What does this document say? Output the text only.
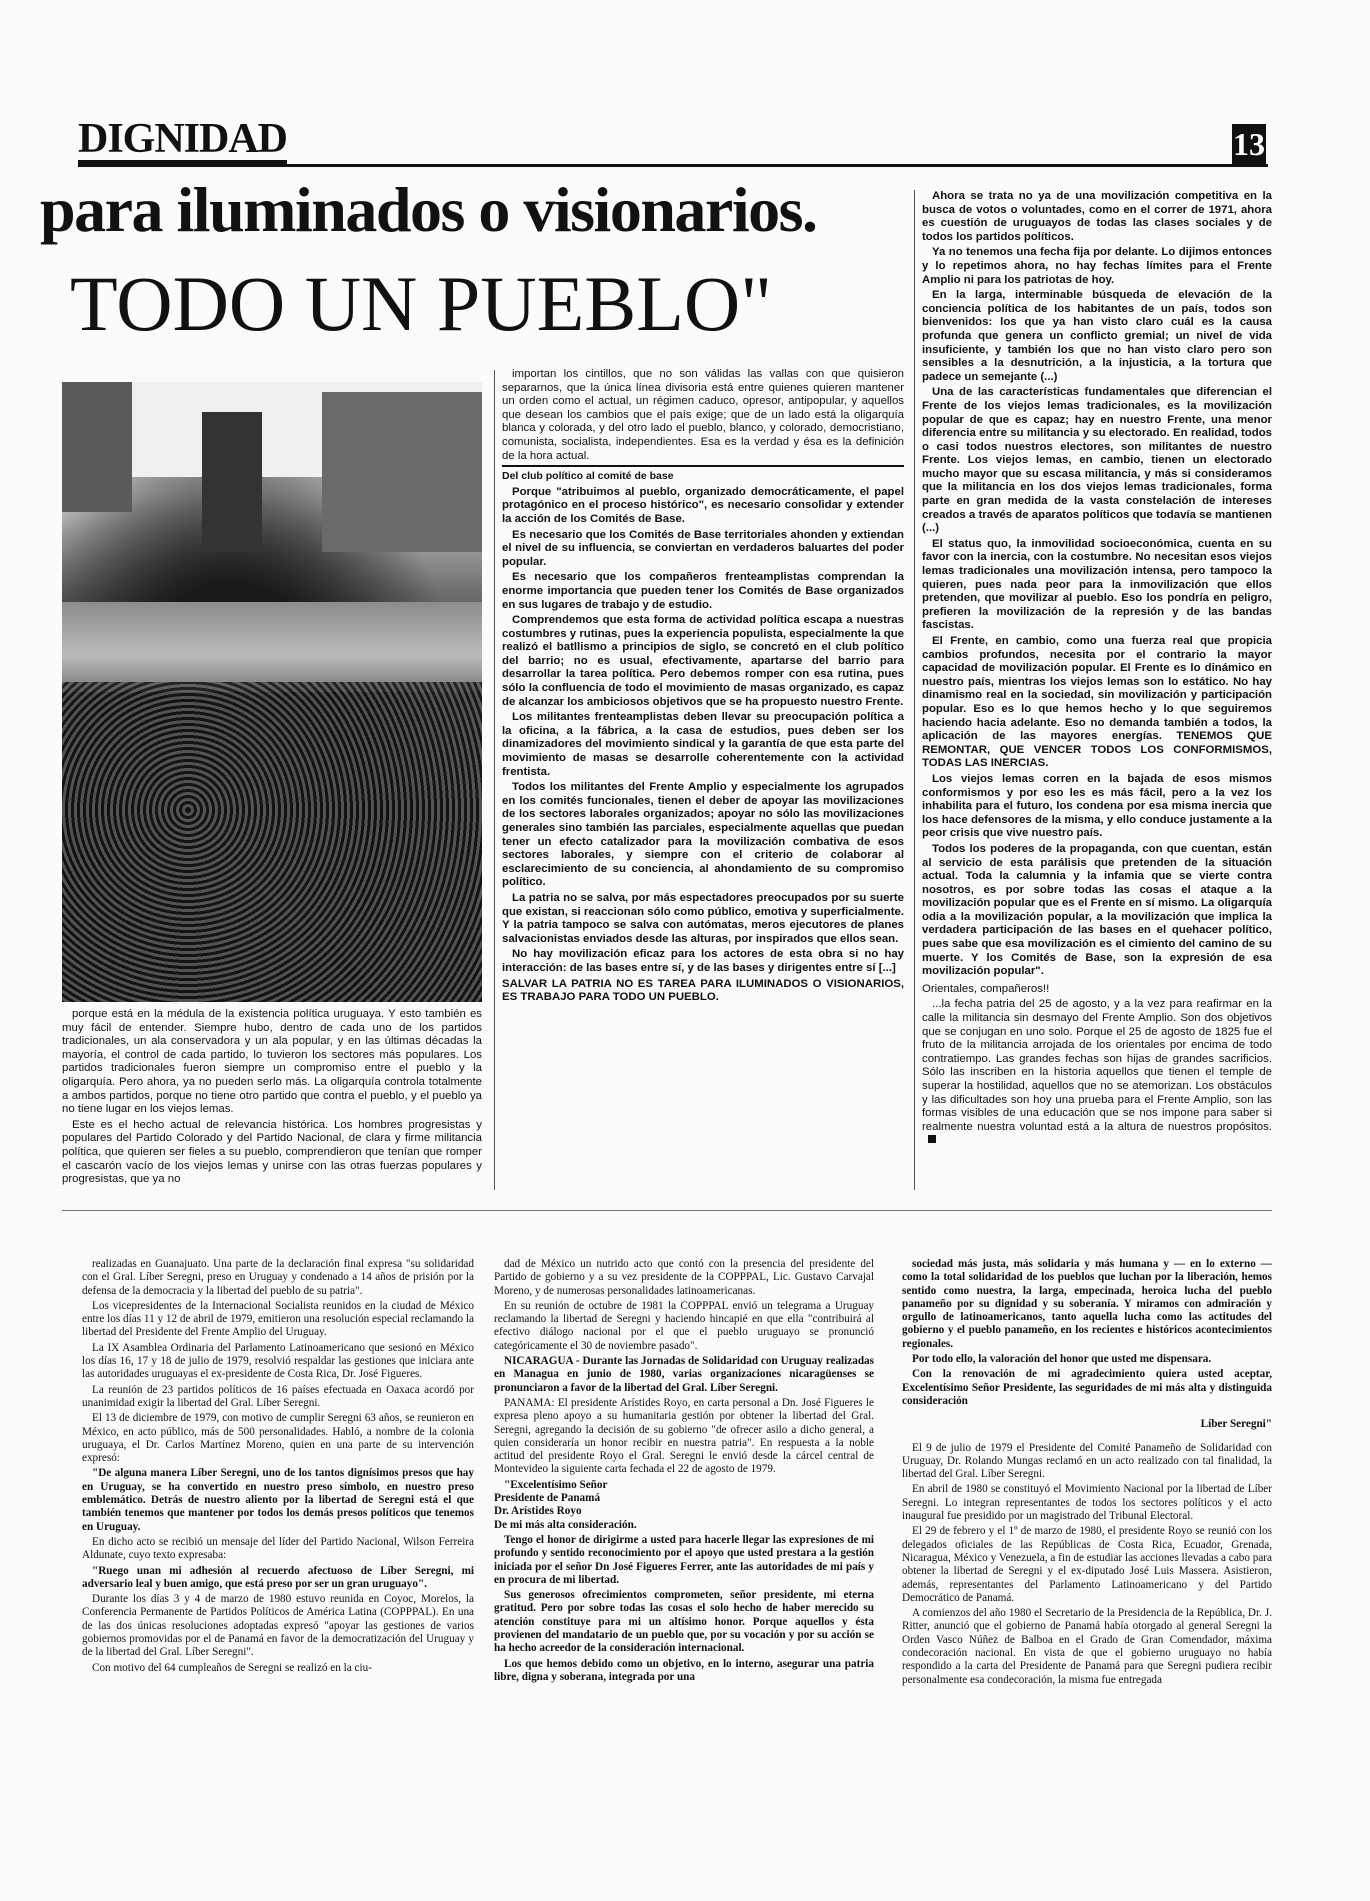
DIGNIDAD	13
para iluminados o visionarios.
TODO UN PUEBLO"

porque está en la médula de la existencia política uruguaya. Y esto también es muy fácil de entender. Siempre hubo, dentro de cada uno de los partidos tradicionales, un ala conservadora y un ala popular, y en las últimas décadas la mayoría, el control de cada partido, lo tuvieron los sectores más populares. Los partidos tradicionales fueron siempre un compromiso entre el pueblo y la oligarquía. Pero ahora, ya no pueden serlo más. La oligarquía controla totalmente a ambos partidos, porque no tiene otro partido que contra el pueblo, y el pueblo ya no tiene lugar en los viejos lemas.

Este es el hecho actual de relevancia histórica. Los hombres progresistas y populares del Partido Colorado y del Partido Nacional, de clara y firme militancia política, que quieren ser fieles a su pueblo, comprendieron que tenían que romper el cascarón vacío de los viejos lemas y unirse con las otras fuerzas populares y progresistas, que ya no

importan los cintillos, que no son válidas las vallas con que quisieron separarnos, que la única línea divisoria está entre quienes quieren mantener un orden como el actual, un régimen caduco, opresor, antipopular, y aquellos que desean los cambios que el país exige; que de un lado está la oligarquía blanca y colorada, y del otro lado el pueblo, blanco, y colorado, democristiano, comunista, socialista, independientes. Esa es la verdad y ésa es la definición de la hora actual.

Del club político al comité de base

Porque "atribuimos al pueblo, organizado democráticamente, el papel protagónico en el proceso histórico", es necesario consolidar y extender la acción de los Comités de Base.

Es necesario que los Comités de Base territoriales ahonden y extiendan el nivel de su influencia, se conviertan en verdaderos baluartes del poder popular.

Es necesario que los compañeros frenteamplistas comprendan la enorme importancia que pueden tener los Comités de Base organizados en sus lugares de trabajo y de estudio.

Comprendemos que esta forma de actividad política escapa a nuestras costumbres y rutinas, pues la experiencia populista, especialmente la que realizó el batllismo a principios de siglo, se concretó en el club político del barrio; no es usual, efectivamente, apartarse del barrio para desarrollar la tarea política. Pero debemos romper con esa rutina, pues sólo la confluencia de todo el movimiento de masas organizado, es capaz de alcanzar los ambiciosos objetivos que se ha propuesto nuestro Frente.

Los militantes frenteamplistas deben llevar su preocupación política a la oficina, a la fábrica, a la casa de estudios, pues deben ser los dinamizadores del movimiento sindical y la garantía de que esta parte del movimiento de masas se desarrolle coherentemente con la actividad frentista.

Todos los militantes del Frente Amplio y especialmente los agrupados en los comités funcionales, tienen el deber de apoyar las movilizaciones de los sectores laborales organizados; apoyar no sólo las movilizaciones generales sino también las parciales, especialmente aquellas que puedan tener un efecto catalizador para la movilización combativa de esos sectores laborales, y siempre con el criterio de colaborar al esclarecimiento de su conciencia, al ahondamiento de su compromiso político.

La patria no se salva, por más espectadores preocupados por su suerte que existan, si reaccionan sólo como público, emotiva y superficialmente. Y la patria tampoco se salva con autómatas, meros ejecutores de planes salvacionistas enviados desde las alturas, por inspirados que ellos sean.

No hay movilización eficaz para los actores de esta obra si no hay interacción: de las bases entre sí, y de las bases y dirigentes entre sí [...]

SALVAR LA PATRIA NO ES TAREA PARA ILUMINADOS O VISIONARIOS, ES TRABAJO PARA TODO UN PUEBLO.

Ahora se trata no ya de una movilización competitiva en la busca de votos o voluntades, como en el correr de 1971, ahora es cuestión de uruguayos de todas las clases sociales y de todos los partidos políticos.

Ya no tenemos una fecha fija por delante. Lo dijimos entonces y lo repetimos ahora, no hay fechas límites para el Frente Amplio ni para los patriotas de hoy.

En la larga, interminable búsqueda de elevación de la conciencia política de los habitantes de un país, todos son bienvenidos: los que ya han visto claro cuál es la causa profunda que genera un conflicto gremial; un nivel de vida insuficiente, y también los que no han visto claro pero son sensibles a la desnutrición, a la injusticia, a la tortura que padece un semejante (...)

Una de las características fundamentales que diferencian el Frente de los viejos lemas tradicionales, es la movilización popular de que es capaz; hay en nuestro Frente, una menor diferencia entre su militancia y su electorado. En realidad, todos o casi todos nuestros electores, son militantes de nuestro Frente. Los viejos lemas, en cambio, tienen un electorado mucho mayor que su escasa militancia, y más si consideramos que la militancia en los dos viejos lemas tradicionales, forma parte en gran medida de la vasta constelación de intereses creados a través de aparatos políticos que todavía se mantienen (...)

El status quo, la inmovilidad socioeconómica, cuenta en su favor con la inercia, con la costumbre. No necesitan esos viejos lemas tradicionales una movilización intensa, pero tampoco la quieren, pues nada peor para la inmovilización que ellos pretenden, que movilizar al pueblo. Eso los pondría en peligro, prefieren la movilización de la represión y de las bandas fascistas.

El Frente, en cambio, como una fuerza real que propicia cambios profundos, necesita por el contrario la mayor capacidad de movilización popular. El Frente es lo dinámico en nuestro país, mientras los viejos lemas son lo estático. No hay dinamismo real en la sociedad, sin movilización y participación popular. Eso es lo que hemos hecho y lo que seguiremos haciendo hacia adelante. Eso no demanda también a todos, la aplicación de las mayores energías. TENEMOS QUE REMONTAR, QUE VENCER TODOS LOS CONFORMISMOS, TODAS LAS INERCIAS.

Los viejos lemas corren en la bajada de esos mismos conformismos y por eso les es más fácil, pero a la vez los inhabilita para el futuro, los condena por esa misma inercia que los hace defensores de la misma, y ello conduce justamente a la peor crisis que vive nuestro país.

Todos los poderes de la propaganda, con que cuentan, están al servicio de esta parálisis que pretenden de la situación actual. Toda la calumnia y la infamia que se vierte contra nosotros, es por sobre todas las cosas el ataque a la movilización popular que es el Frente en sí mismo. La oligarquía odia a la movilización popular, a la movilización que implica la verdadera participación de las bases en el quehacer político, pues sabe que esa movilización es el cimiento del camino de su muerte. Y los Comités de Base, son la expresión de esa movilización popular".

Orientales, compañeros!!

...la fecha patria del 25 de agosto, y a la vez para reafirmar en la calle la militancia sin desmayo del Frente Amplio. Son dos objetivos que se conjugan en uno solo. Porque el 25 de agosto de 1825 fue el fruto de la militancia arrojada de los orientales por encima de todo contratiempo. Las grandes fechas son hijas de grandes sacrificios. Sólo las inscriben en la historia aquellos que tienen el temple de superar la hostilidad, aquellos que no se atemorizan. Los obstáculos y las dificultades son hoy una prueba para el Frente Amplio, son las formas visibles de una educación que se nos impone para saber si realmente nuestra voluntad está a la altura de nuestros propósitos.

realizadas en Guanajuato. Una parte de la declaración final expresa "su solidaridad con el Gral. Líber Seregni, preso en Uruguay y condenado a 14 años de prisión por la defensa de la democracia y la libertad del pueblo de su patria".

Los vicepresidentes de la Internacional Socialista reunidos en la ciudad de México entre los días 11 y 12 de abril de 1979, emitieron una resolución especial reclamando la libertad del Presidente del Frente Amplio del Uruguay.

La IX Asamblea Ordinaria del Parlamento Latinoamericano que sesionó en México los días 16, 17 y 18 de julio de 1979, resolvió respaldar las gestiones que iniciara ante las autoridades uruguayas el ex-presidente de Costa Rica, Dr. José Figueres.

La reunión de 23 partidos políticos de 16 países efectuada en Oaxaca acordó por unanimidad exigir la libertad del Gral. Líber Seregni.

El 13 de diciembre de 1979, con motivo de cumplir Seregni 63 años, se reunieron en México, en acto público, más de 500 personalidades. Habló, a nombre de la colonia uruguaya, el Dr. Carlos Martínez Moreno, quien en una parte de su intervención expresó:

"De alguna manera Líber Seregni, uno de los tantos dignísimos presos que hay en Uruguay, se ha convertido en nuestro preso símbolo, en nuestro preso emblemático. Detrás de nuestro aliento por la libertad de Seregni está el que también tenemos que mantener por todos los demás presos políticos que tenemos en Uruguay.

En dicho acto se recibió un mensaje del líder del Partido Nacional, Wilson Ferreira Aldunate, cuyo texto expresaba:

"Ruego unan mi adhesión al recuerdo afectuoso de Líber Seregni, mi adversario leal y buen amigo, que está preso por ser un gran uruguayo".

Durante los días 3 y 4 de marzo de 1980 estuvo reunida en Coyoc, Morelos, la Conferencia Permanente de Partidos Políticos de América Latina (COPPPAL). En una de las dos únicas resoluciones adoptadas expresó "apoyar las gestiones de varios gobiernos promovidas por el de Panamá en favor de la democratización del Uruguay y de la libertad del Gral. Líber Seregni".

Con motivo del 64 cumpleaños de Seregni se realizó en la ciu-

dad de México un nutrido acto que contó con la presencia del presidente del Partido de gobierno y a su vez presidente de la COPPPAL, Lic. Gustavo Carvajal Moreno, y de numerosas personalidades latinoamericanas.

En su reunión de octubre de 1981 la COPPPAL envió un telegrama a Uruguay reclamando la libertad de Seregni y haciendo hincapié en que ella "contribuirá al efectivo diálogo nacional por el que el pueblo uruguayo se pronunció categóricamente el 30 de noviembre pasado".

NICARAGUA - Durante las Jornadas de Solidaridad con Uruguay realizadas en Managua en junio de 1980, varias organizaciones nicaragüenses se pronunciaron a favor de la libertad del Gral. Líber Seregni.

PANAMA: El presidente Arístides Royo, en carta personal a Dn. José Figueres le expresa pleno apoyo a su humanitaria gestión por obtener la libertad del Gral. Seregni, agregando la decisión de su gobierno "de ofrecer asilo a dicho general, a quien consideraría un honor recibir en nuestra patria". En respuesta a la noble actitud del presidente Royo el Gral. Seregni le envió desde la cárcel central de Montevideo la siguiente carta fechada el 22 de agosto de 1979.

"Excelentísimo Señor
Presidente de Panamá
Dr. Arístides Royo
De mi más alta consideración.

Tengo el honor de dirigirme a usted para hacerle llegar las expresiones de mi profundo y sentido reconocimiento por el apoyo que usted prestara a la gestión iniciada por el señor Dn José Figueres Ferrer, ante las autoridades de mi país y en procura de mi libertad.

Sus generosos ofrecimientos comprometen, señor presidente, mi eterna gratitud. Pero por sobre todas las cosas el solo hecho de haber merecido su atención constituye para mi un altísimo honor. Porque aquellos y ésta provienen del mandatario de un pueblo que, por su vocación y por su acción se ha hecho acreedor de la consideración internacional.

Los que hemos debido como un objetivo, en lo interno, asegurar una patria libre, digna y soberana, integrada por una

sociedad más justa, más solidaria y más humana y — en lo externo — como la total solidaridad de los pueblos que luchan por la liberación, hemos sentido como nuestra, la larga, empecinada, heroica lucha del pueblo panameño por su dignidad y su soberanía. Y miramos con admiración y orgullo de latinoamericanos, tanto aquella lucha como las actitudes del gobierno y el pueblo panameño, en los recientes e históricos acontecimientos regionales.

Por todo ello, la valoración del honor que usted me dispensara.

Con la renovación de mi agradecimiento quiera usted aceptar, Excelentísimo Señor Presidente, las seguridades de mi más alta y distinguida consideración

Líber Seregni"

El 9 de julio de 1979 el Presidente del Comité Panameño de Solidaridad con Uruguay, Dr. Rolando Mungas reclamó en un acto realizado con tal finalidad, la libertad del Gral. Líber Seregni.

En abril de 1980 se constituyó el Movimiento Nacional por la libertad de Líber Seregni. Lo integran representantes de todos los sectores políticos y el acto inaugural fue presidido por un magistrado del Tribunal Electoral.

El 29 de febrero y el 1º de marzo de 1980, el presidente Royo se reunió con los delegados oficiales de las Repúblicas de Costa Rica, Ecuador, Grenada, Nicaragua, México y Venezuela, a fin de estudiar las acciones llevadas a cabo para obtener la libertad de Seregni y el ex-diputado José Luis Massera. Asistieron, además, representantes del Parlamento Latinoamericano y del Partido Democrático de Panamá.

A comienzos del año 1980 el Secretario de la Presidencia de la República, Dr. J. Ritter, anunció que el gobierno de Panamá había otorgado al general Seregni la Orden Vasco Núñez de Balboa en el Grado de Gran Comendador, máxima condecoración nacional. En vista de que el gobierno uruguayo no había respondido a la carta del Presidente de Panamá para que Seregni pudiera recibir personalmente esa condecoración, la misma fue entregada
